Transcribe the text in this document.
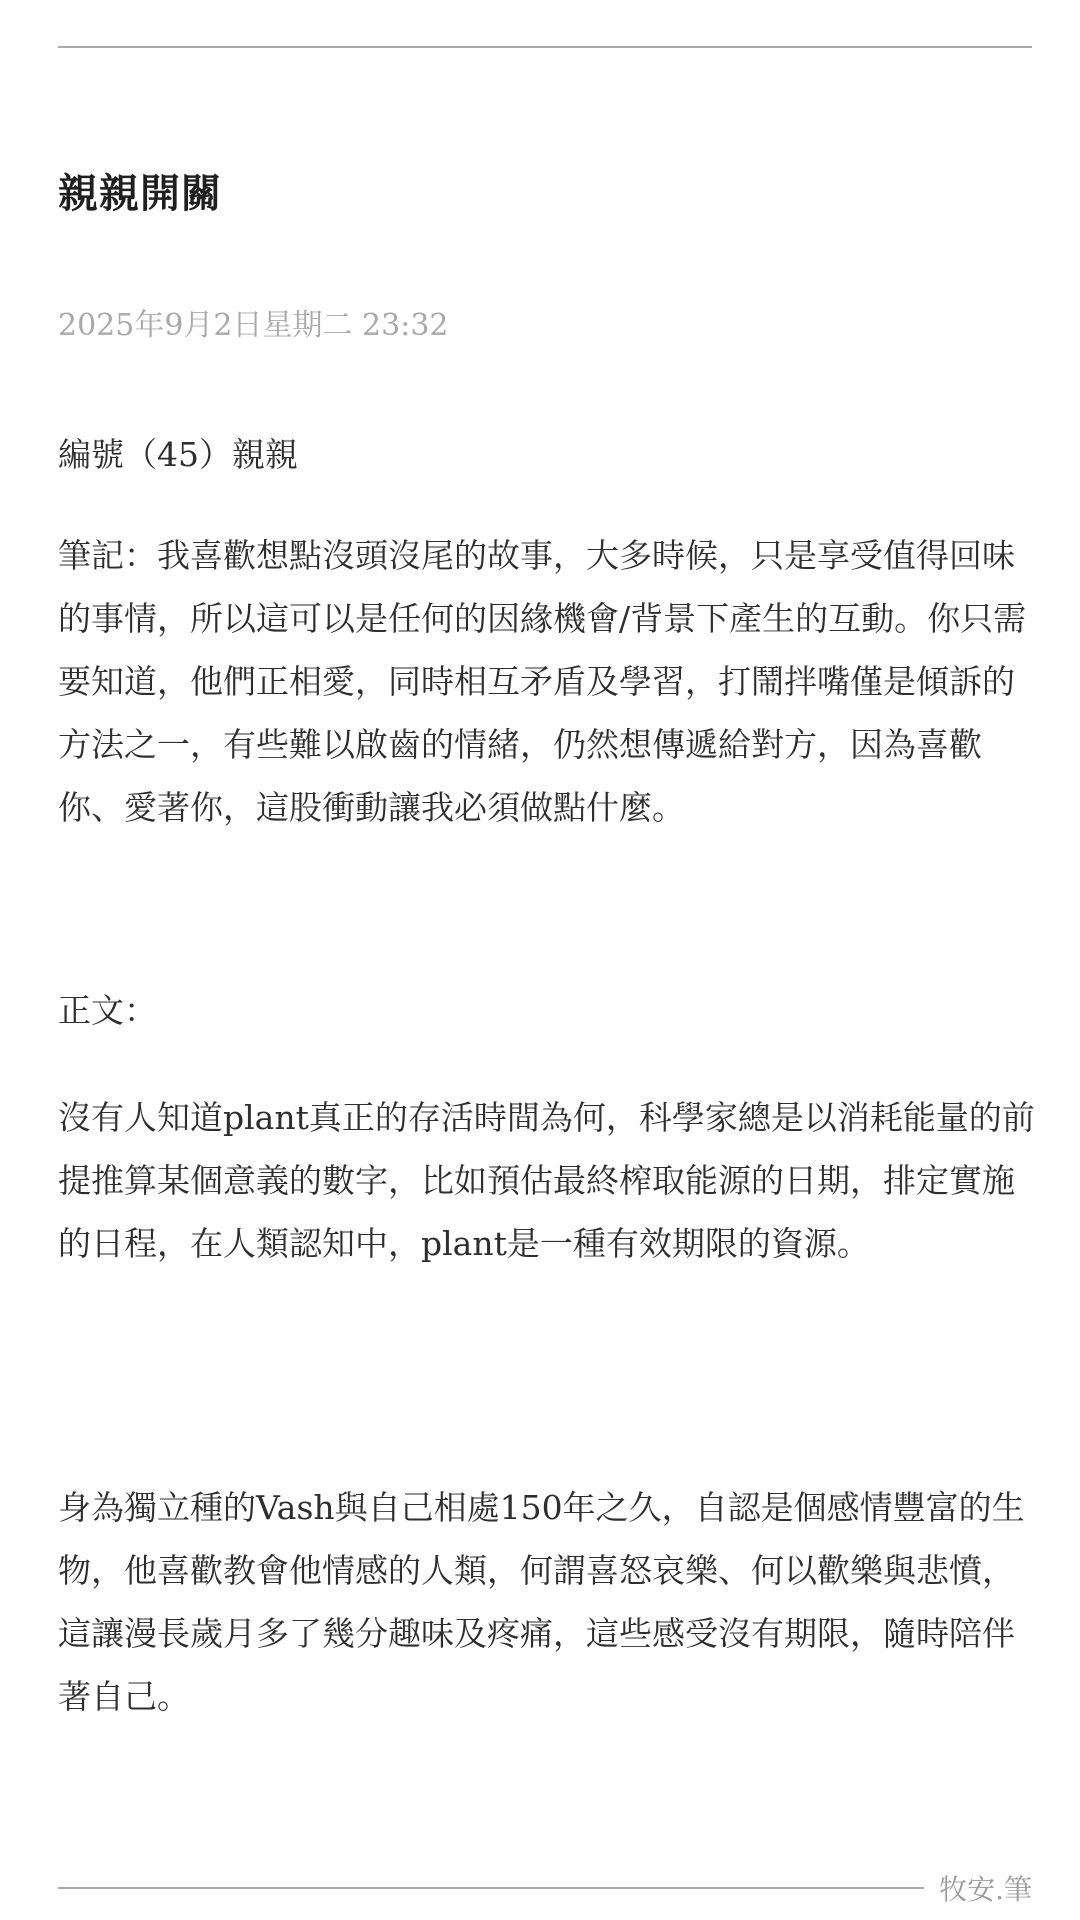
親親開關
2025年9月2日星期二 23:32

編號（45）親親

筆記：我喜歡想點沒頭沒尾的故事，大多時候，只是享受值得回味的事情，所以這可以是任何的因緣機會/背景下產生的互動。你只需要知道，他們正相愛，同時相互矛盾及學習，打鬧拌嘴僅是傾訴的方法之一，有些難以啟齒的情緒，仍然想傳遞給對方，因為喜歡你、愛著你，這股衝動讓我必須做點什麼。

正文：

沒有人知道plant真正的存活時間為何，科學家總是以消耗能量的前提推算某個意義的數字，比如預估最終榨取能源的日期，排定實施的日程，在人類認知中，plant是一種有效期限的資源。

身為獨立種的Vash與自己相處150年之久，自認是個感情豐富的生物，他喜歡教會他情感的人類，何謂喜怒哀樂、何以歡樂與悲憤，這讓漫長歲月多了幾分趣味及疼痛，這些感受沒有期限，隨時陪伴著自己。

牧安.筆
